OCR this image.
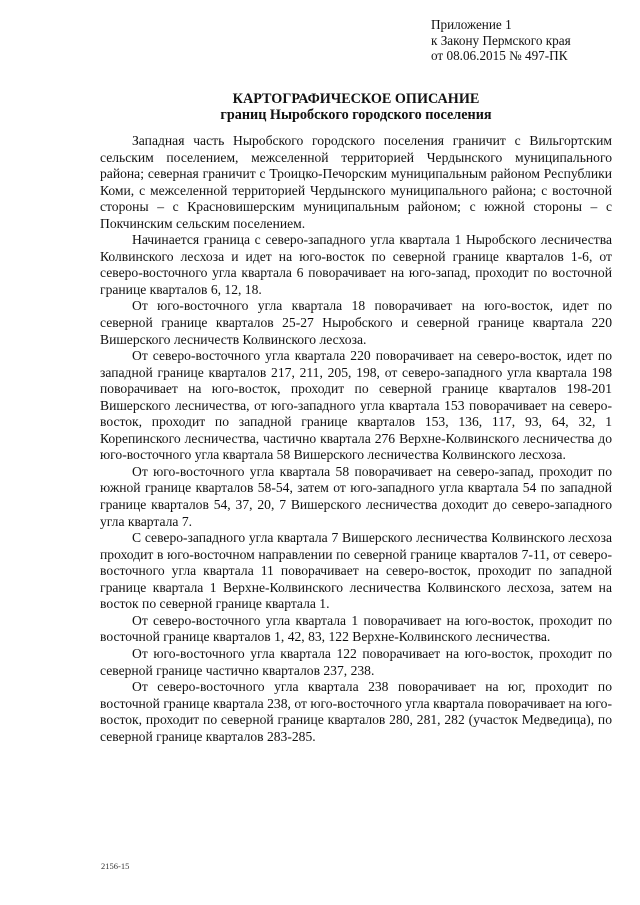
Приложение 1
к Закону Пермского края
от 08.06.2015 № 497-ПК
КАРТОГРАФИЧЕСКОЕ ОПИСАНИЕ
границ Ныробского городского поселения

Западная часть Ныробского городского поселения граничит с Вильгортским сельским поселением, межселенной территорией Чердынского муниципального района; северная граничит с Троицко-Печорским муниципальным районом Республики Коми, с межселенной территорией Чердынского муниципального района; с восточной стороны – с Красновишерским муниципальным районом; с южной стороны – с Покчинским сельским поселением.

Начинается граница с северо-западного угла квартала 1 Ныробского лесничества Колвинского лесхоза и идет на юго-восток по северной границе кварталов 1-6, от северо-восточного угла квартала 6 поворачивает на юго-запад, проходит по восточной границе кварталов 6, 12, 18.

От юго-восточного угла квартала 18 поворачивает на юго-восток, идет по северной границе кварталов 25-27 Ныробского и северной границе квартала 220 Вишерского лесничеств Колвинского лесхоза.

От северо-восточного угла квартала 220 поворачивает на северо-восток, идет по западной границе кварталов 217, 211, 205, 198, от северо-западного угла квартала 198 поворачивает на юго-восток, проходит по северной границе кварталов 198-201 Вишерского лесничества, от юго-западного угла квартала 153 поворачивает на северо-восток, проходит по западной границе кварталов 153, 136, 117, 93, 64, 32, 1 Корепинского лесничества, частично квартала 276 Верхне-Колвинского лесничества до юго-восточного угла квартала 58 Вишерского лесничества Колвинского лесхоза.

От юго-восточного угла квартала 58 поворачивает на северо-запад, проходит по южной границе кварталов 58-54, затем от юго-западного угла квартала 54 по западной границе кварталов 54, 37, 20, 7 Вишерского лесничества доходит до северо-западного угла квартала 7.

С северо-западного угла квартала 7 Вишерского лесничества Колвинского лесхоза проходит в юго-восточном направлении по северной границе кварталов 7-11, от северо-восточного угла квартала 11 поворачивает на северо-восток, проходит по западной границе квартала 1 Верхне-Колвинского лесничества Колвинского лесхоза, затем на восток по северной границе квартала 1.

От северо-восточного угла квартала 1 поворачивает на юго-восток, проходит по восточной границе кварталов 1, 42, 83, 122 Верхне-Колвинского лесничества.

От юго-восточного угла квартала 122 поворачивает на юго-восток, проходит по северной границе частично кварталов 237, 238.

От северо-восточного угла квартала 238 поворачивает на юг, проходит по восточной границе квартала 238, от юго-восточного угла квартала поворачивает на юго-восток, проходит по северной границе кварталов 280, 281, 282 (участок Медведица), по северной границе кварталов 283-285.

2156-15
